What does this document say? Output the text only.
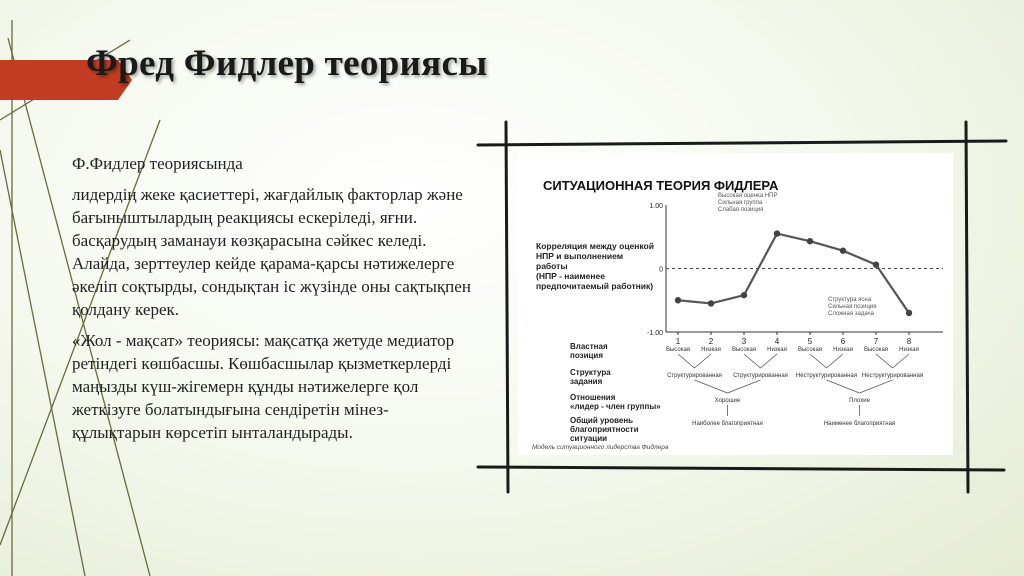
Фред Фидлер теориясы

Ф.Фидлер теориясында

лидердің жеке қасиеттері, жағдайлық факторлар және бағыныштылардың реакциясы ескеріледі, яғни. басқарудың заманауи көзқарасына сәйкес келеді. Алайда, зерттеулер кейде қарама-қарсы нәтижелерге әкеліп соқтырды, сондықтан іс жүзінде оны сақтықпен қолдану керек.

«Жол - мақсат» теориясы: мақсатқа жетуде медиатор ретіндегі көшбасшы. Көшбасшылар қызметкерлерді маңызды күш-жігемерн құнды нәтижелерге қол жеткізуге болатындығына сендіретін мінез-құлықтарын көрсетіп ынталандырады.

СИТУАЦИОННАЯ ТЕОРИЯ ФИДЛЕРА
Корреляция между оценкой
НПР и выполнением
работы
(НПР - наименее
предпочитаемый работник)
1.00
0
-1.00
1	2	3	4	5	6	7	8
Высокая оценка НПР
Сильная группа
Слабая позиция
Структура ясна
Сильная позиция
Сложная задача
Властная
позиция
Высокая Низкая Высокая Низкая Высокая Низкая Высокая Низкая
Структура
задания
Структурированная Структурированная Неструктурированная Неструктурированная
Отношения
«лидер - член группы»
Хорошие	Плохие
Общий уровень
благоприятности
ситуации
Наиболее благоприятная	Наименее благоприятная
Модель ситуационного лидерства Фидлера
